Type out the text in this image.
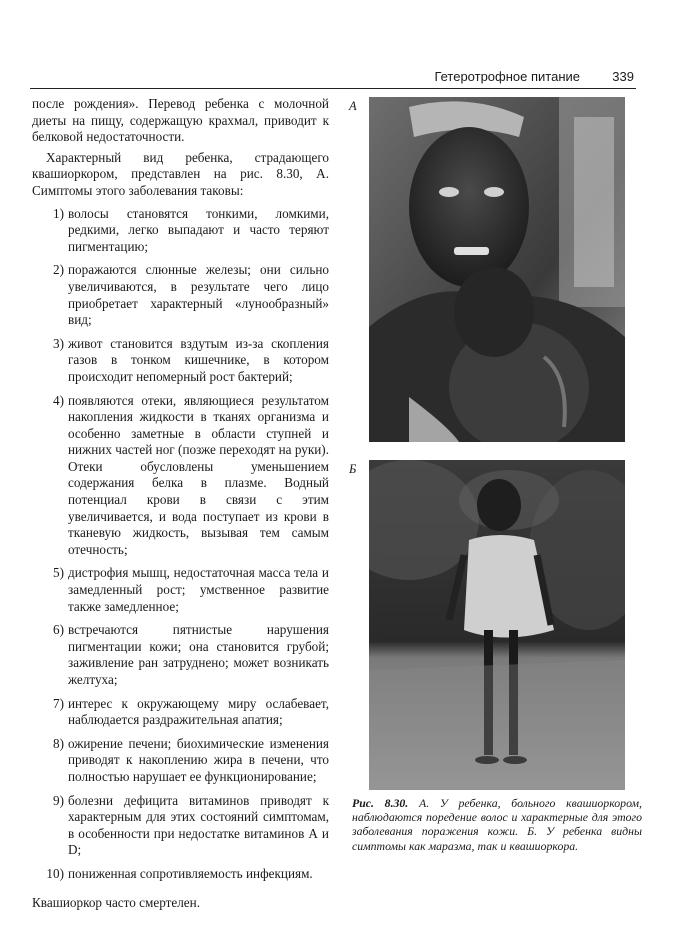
Гетеротрофное питание 339

после рождения». Перевод ребенка с молочной диеты на пищу, содержащую крахмал, приводит к белковой недостаточности.

Характерный вид ребенка, страдающего квашиоркором, представлен на рис. 8.30, А. Симптомы этого заболевания таковы:

1) волосы становятся тонкими, ломкими, редкими, легко выпадают и часто теряют пигментацию;
2) поражаются слюнные железы; они сильно увеличиваются, в результате чего лицо приобретает характерный «лунообразный» вид;
3) живот становится вздутым из-за скопления газов в тонком кишечнике, в котором происходит непомерный рост бактерий;
4) появляются отеки, являющиеся результатом накопления жидкости в тканях организма и особенно заметные в области ступней и нижних частей ног (позже переходят на руки). Отеки обусловлены уменьшением содержания белка в плазме. Водный потенциал крови в связи с этим увеличивается, и вода поступает из крови в тканевую жидкость, вызывая тем самым отечность;
5) дистрофия мышц, недостаточная масса тела и замедленный рост; умственное развитие также замедленное;
6) встречаются пятнистые нарушения пигментации кожи; она становится грубой; заживление ран затруднено; может возникать желтуха;
7) интерес к окружающему миру ослабевает, наблюдается раздражительная апатия;
8) ожирение печени; биохимические изменения приводят к накоплению жира в печени, что полностью нарушает ее функционирование;
9) болезни дефицита витаминов приводят к характерным для этих состояний симптомам, в особенности при недостатке витаминов А и D;
10) пониженная сопротивляемость инфекциям.

Квашиоркор часто смертелен.

А
Б
Рис. 8.30. А. У ребенка, больного квашиоркором, наблюдаются поредение волос и характерные для этого заболевания поражения кожи. Б. У ребенка видны симптомы как маразма, так и квашиоркора.
